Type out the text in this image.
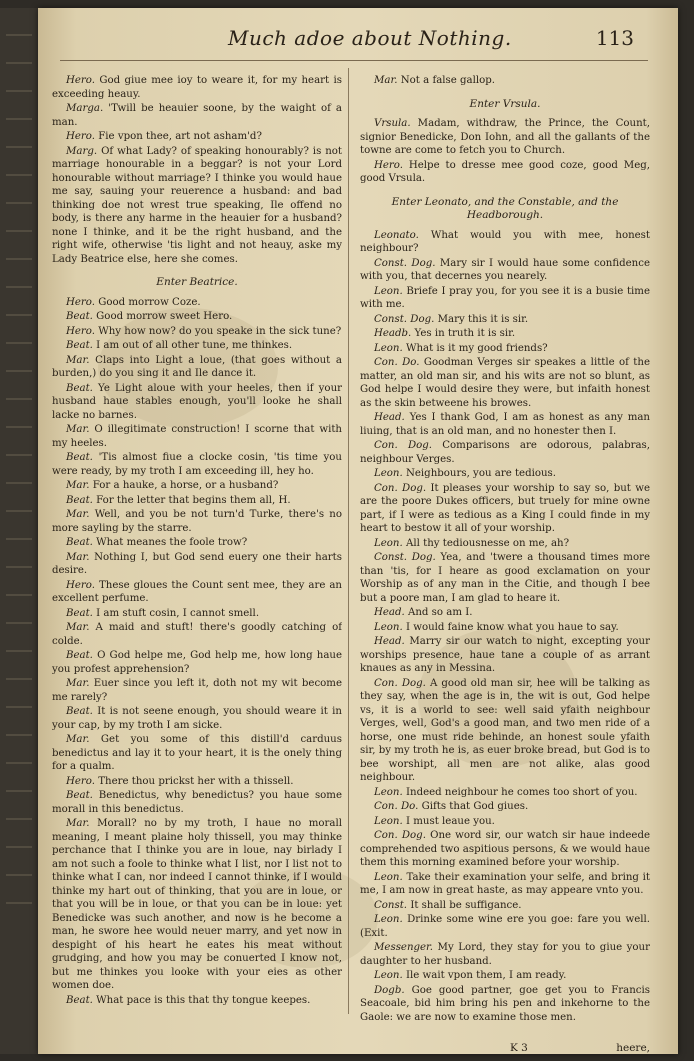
Much adoe about Nothing.	113

Hero. God giue mee ioy to weare it, for my heart is exceeding heauy.

Marga. 'Twill be heauier soone, by the waight of a man.

Hero. Fie vpon thee, art not asham'd?

Marg. Of what Lady? of speaking honourably? is not marriage honourable in a beggar? is not your Lord honourable without marriage? I thinke you would haue me say, sauing your reuerence a husband: and bad thinking doe not wrest true speaking, Ile offend no body, is there any harme in the heauier for a husband? none I thinke, and it be the right husband, and the right wife, otherwise 'tis light and not heauy, aske my Lady Beatrice else, here she comes.

Enter Beatrice.

Hero. Good morrow Coze.

Beat. Good morrow sweet Hero.

Hero. Why how now? do you speake in the sick tune?

Beat. I am out of all other tune, me thinkes.

Mar. Claps into Light a loue, (that goes without a burden,) do you sing it and Ile dance it.

Beat. Ye Light aloue with your heeles, then if your husband haue stables enough, you'll looke he shall lacke no barnes.

Mar. O illegitimate construction! I scorne that with my heeles.

Beat. 'Tis almost fiue a clocke cosin, 'tis time you were ready, by my troth I am exceeding ill, hey ho.

Mar. For a hauke, a horse, or a husband?

Beat. For the letter that begins them all, H.

Mar. Well, and you be not turn'd Turke, there's no more sayling by the starre.

Beat. What meanes the foole trow?

Mar. Nothing I, but God send euery one their harts desire.

Hero. These gloues the Count sent mee, they are an excellent perfume.

Beat. I am stuft cosin, I cannot smell.

Mar. A maid and stuft! there's goodly catching of colde.

Beat. O God helpe me, God help me, how long haue you profest apprehension?

Mar. Euer since you left it, doth not my wit become me rarely?

Beat. It is not seene enough, you should weare it in your cap, by my troth I am sicke.

Mar. Get you some of this distill'd carduus benedictus and lay it to your heart, it is the onely thing for a qualm.

Hero. There thou prickst her with a thissell.

Beat. Benedictus, why benedictus? you haue some morall in this benedictus.

Mar. Morall? no by my troth, I haue no morall meaning, I meant plaine holy thissell, you may thinke perchance that I thinke you are in loue, nay birlady I am not such a foole to thinke what I list, nor I list not to thinke what I can, nor indeed I cannot thinke, if I would thinke my hart out of thinking, that you are in loue, or that you will be in loue, or that you can be in loue: yet Benedicke was such another, and now is he become a man, he swore hee would neuer marry, and yet now in despight of his heart he eates his meat without grudging, and how you may be conuerted I know not, but me thinkes you looke with your eies as other women doe.

Beat. What pace is this that thy tongue keepes.

Mar. Not a false gallop.

Enter Vrsula.

Vrsula. Madam, withdraw, the Prince, the Count, signior Benedicke, Don Iohn, and all the gallants of the towne are come to fetch you to Church.

Hero. Helpe to dresse mee good coze, good Meg, good Vrsula.

Enter Leonato, and the Constable, and the Headborough.

Leonato. What would you with mee, honest neighbour?

Const. Dog. Mary sir I would haue some confidence with you, that decernes you nearely.

Leon. Briefe I pray you, for you see it is a busie time with me.

Const. Dog. Mary this it is sir.

Headb. Yes in truth it is sir.

Leon. What is it my good friends?

Con. Do. Goodman Verges sir speakes a little of the matter, an old man sir, and his wits are not so blunt, as God helpe I would desire they were, but infaith honest as the skin betweene his browes.

Head. Yes I thank God, I am as honest as any man liuing, that is an old man, and no honester then I.

Con. Dog. Comparisons are odorous, palabras, neighbour Verges.

Leon. Neighbours, you are tedious.

Con. Dog. It pleases your worship to say so, but we are the poore Dukes officers, but truely for mine owne part, if I were as tedious as a King I could finde in my heart to bestow it all of your worship.

Leon. All thy tediousnesse on me, ah?

Const. Dog. Yea, and 'twere a thousand times more than 'tis, for I heare as good exclamation on your Worship as of any man in the Citie, and though I bee but a poore man, I am glad to heare it.

Head. And so am I.

Leon. I would faine know what you haue to say.

Head. Marry sir our watch to night, excepting your worships presence, haue tane a couple of as arrant knaues as any in Messina.

Con. Dog. A good old man sir, hee will be talking as they say, when the age is in, the wit is out, God helpe vs, it is a world to see: well said yfaith neighbour Verges, well, God's a good man, and two men ride of a horse, one must ride behinde, an honest soule yfaith sir, by my troth he is, as euer broke bread, but God is to bee worshipt, all men are not alike, alas good neighbour.

Leon. Indeed neighbour he comes too short of you.

Con. Do. Gifts that God giues.

Leon. I must leaue you.

Con. Dog. One word sir, our watch sir haue indeede comprehended two aspitious persons, & we would haue them this morning examined before your worship.

Leon. Take their examination your selfe, and bring it me, I am now in great haste, as may appeare vnto you.

Const. It shall be suffigance.

Leon. Drinke some wine ere you goe: fare you well. (Exit.

Messenger. My Lord, they stay for you to giue your daughter to her husband.

Leon. Ile wait vpon them, I am ready.

Dogb. Goe good partner, goe get you to Francis Seacoale, bid him bring his pen and inkehorne to the Gaole: we are now to examine those men.

K 3	heere,
